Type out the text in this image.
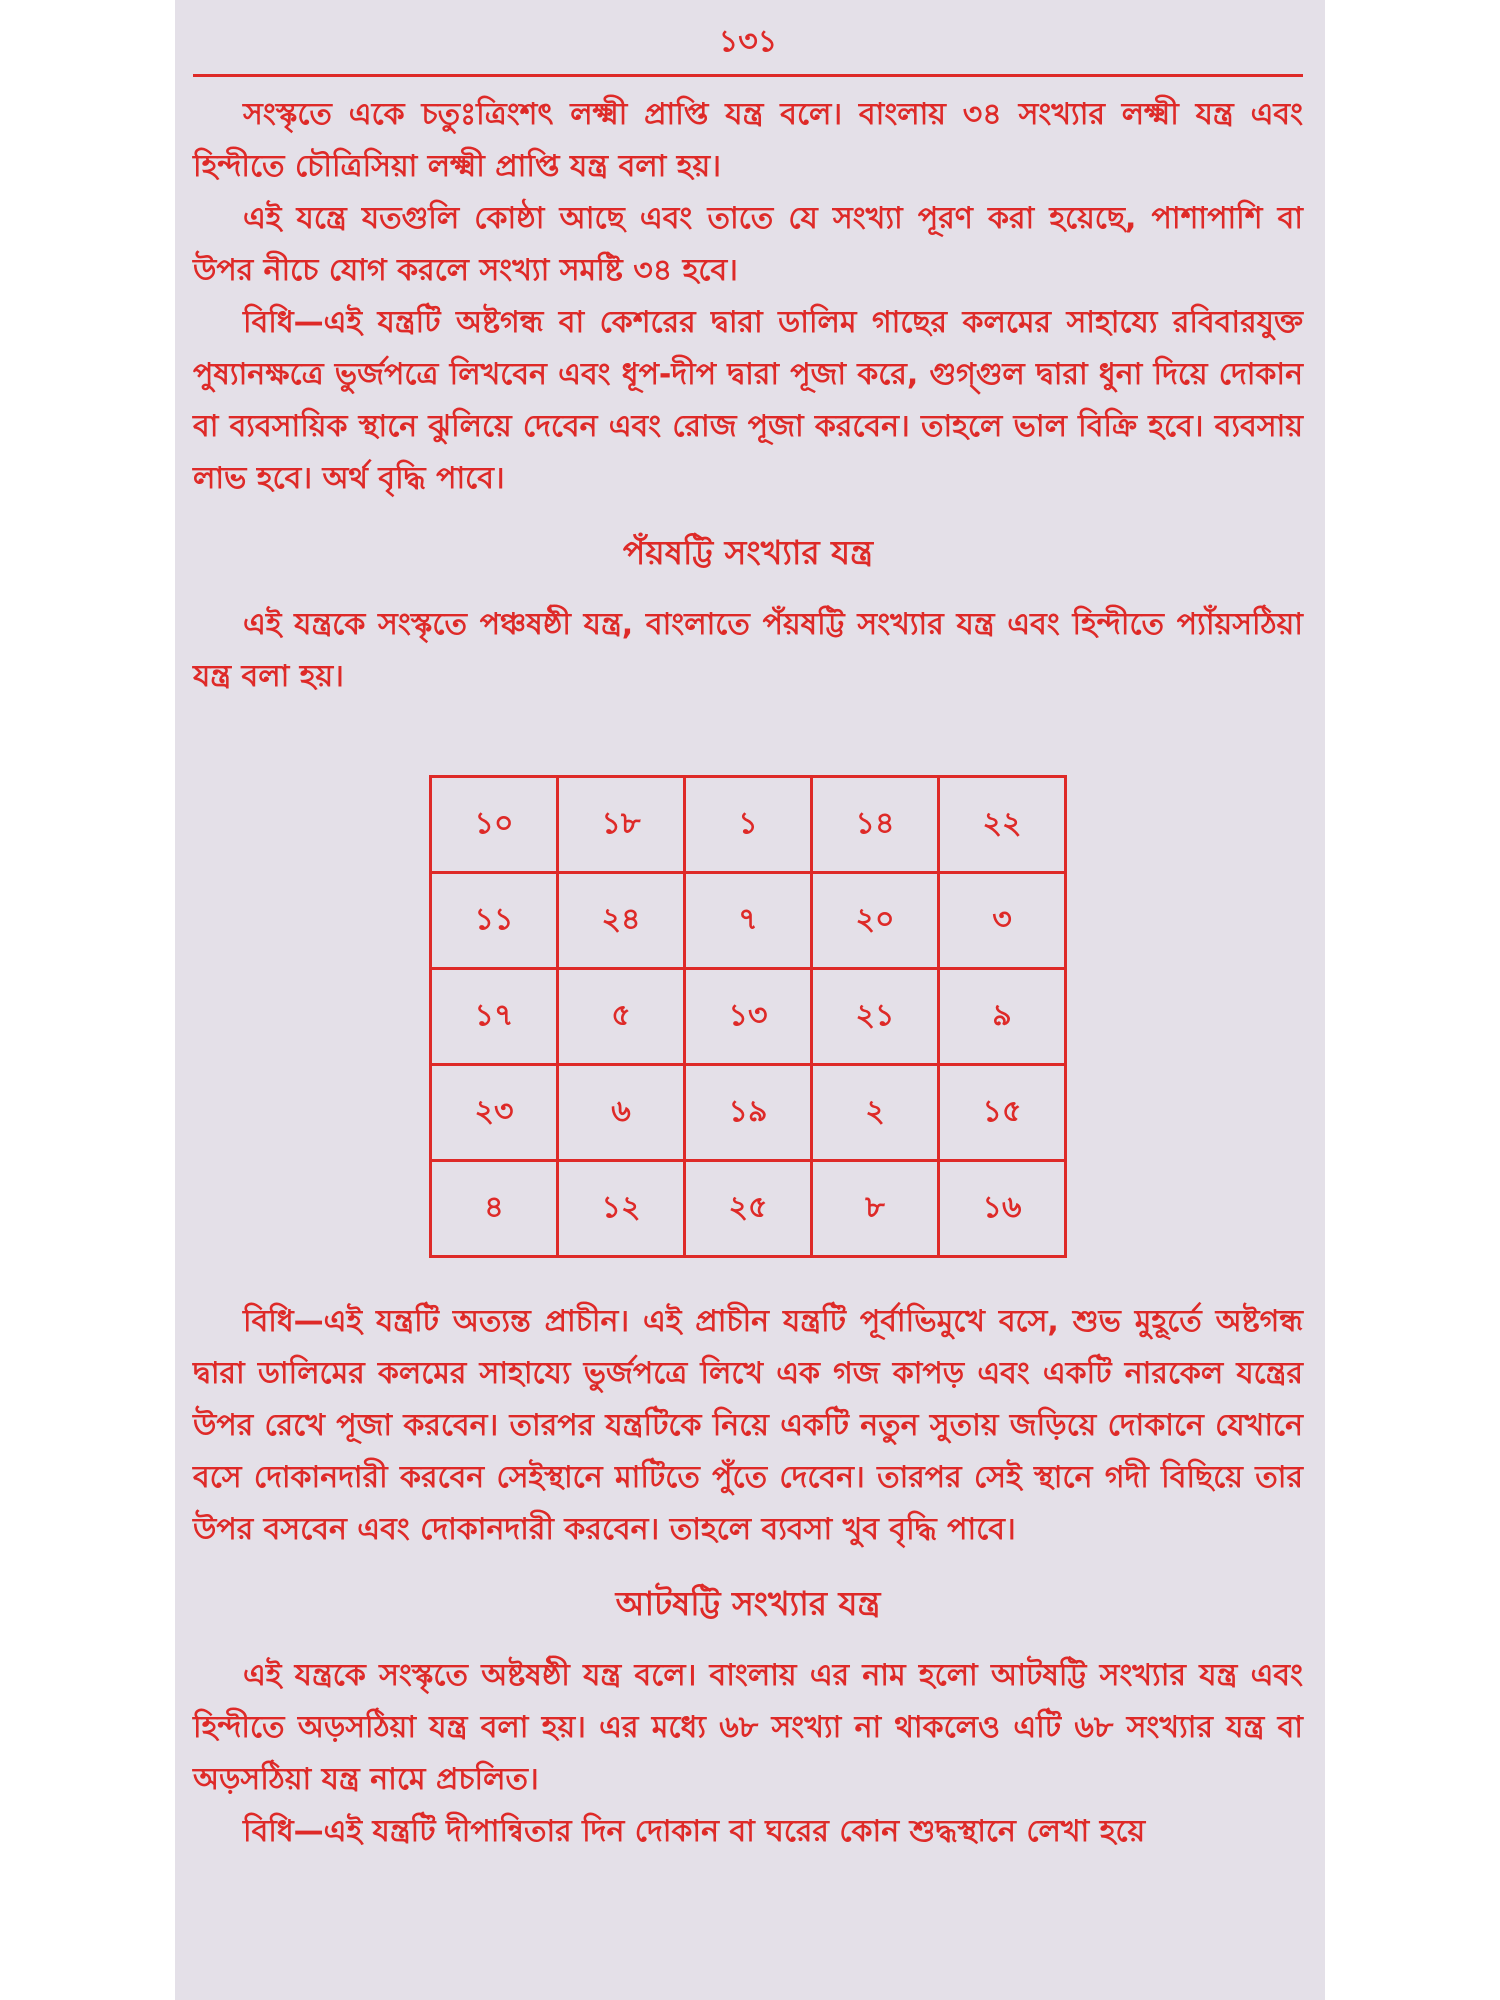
১৩১

সংস্কৃতে একে চতুঃত্রিংশৎ লক্ষ্মী প্রাপ্তি যন্ত্র বলে। বাংলায় ৩৪ সংখ্যার লক্ষ্মী যন্ত্র এবং হিন্দীতে চৌত্রিসিয়া লক্ষ্মী প্রাপ্তি যন্ত্র বলা হয়।

এই যন্ত্রে যতগুলি কোষ্ঠা আছে এবং তাতে যে সংখ্যা পূরণ করা হয়েছে, পাশাপাশি বা উপর নীচে যোগ করলে সংখ্যা সমষ্টি ৩৪ হবে।

বিধি—এই যন্ত্রটি অষ্টগন্ধ বা কেশরের দ্বারা ডালিম গাছের কলমের সাহায্যে রবিবারযুক্ত পুষ্যানক্ষত্রে ভুর্জপত্রে লিখবেন এবং ধূপ-দীপ দ্বারা পূজা করে, গুগ্‌গুল দ্বারা ধুনা দিয়ে দোকান বা ব্যবসায়িক স্থানে ঝুলিয়ে দেবেন এবং রোজ পূজা করবেন। তাহলে ভাল বিক্রি হবে। ব্যবসায় লাভ হবে। অর্থ বৃদ্ধি পাবে।

পঁয়ষট্টি সংখ্যার যন্ত্র

এই যন্ত্রকে সংস্কৃতে পঞ্চষষ্ঠী যন্ত্র, বাংলাতে পঁয়ষট্টি সংখ্যার যন্ত্র এবং হিন্দীতে প্যাঁয়সঠিয়া যন্ত্র বলা হয়।

১০	১৮	১	১৪	২২
১১	২৪	৭	২০	৩
১৭	৫	১৩	২১	৯
২৩	৬	১৯	২	১৫
৪	১২	২৫	৮	১৬

বিধি—এই যন্ত্রটি অত্যন্ত প্রাচীন। এই প্রাচীন যন্ত্রটি পূর্বাভিমুখে বসে, শুভ মুহূর্তে অষ্টগন্ধ দ্বারা ডালিমের কলমের সাহায্যে ভুর্জপত্রে লিখে এক গজ কাপড় এবং একটি নারকেল যন্ত্রের উপর রেখে পূজা করবেন। তারপর যন্ত্রটিকে নিয়ে একটি নতুন সুতায় জড়িয়ে দোকানে যেখানে বসে দোকানদারী করবেন সেইস্থানে মাটিতে পুঁতে দেবেন। তারপর সেই স্থানে গদী বিছিয়ে তার উপর বসবেন এবং দোকানদারী করবেন। তাহলে ব্যবসা খুব বৃদ্ধি পাবে।

আটষট্টি সংখ্যার যন্ত্র

এই যন্ত্রকে সংস্কৃতে অষ্টষষ্ঠী যন্ত্র বলে। বাংলায় এর নাম হলো আটষট্টি সংখ্যার যন্ত্র এবং হিন্দীতে অড়সঠিয়া যন্ত্র বলা হয়। এর মধ্যে ৬৮ সংখ্যা না থাকলেও এটি ৬৮ সংখ্যার যন্ত্র বা অড়সঠিয়া যন্ত্র নামে প্রচলিত।

বিধি—এই যন্ত্রটি দীপান্বিতার দিন দোকান বা ঘরের কোন শুদ্ধস্থানে লেখা হয়ে
